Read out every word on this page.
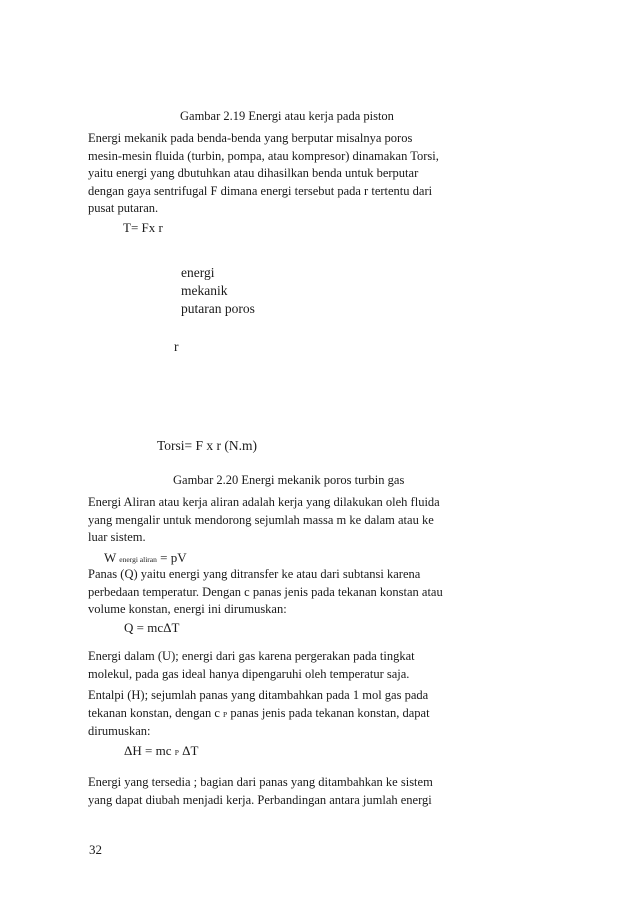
Gambar 2.19 Energi atau kerja pada piston
Energi mekanik pada benda-benda yang berputar misalnya poros
mesin-mesin fluida (turbin, pompa, atau kompresor) dinamakan Torsi,
yaitu energi yang dbutuhkan atau dihasilkan benda untuk berputar
dengan gaya sentrifugal F dimana energi tersebut pada r tertentu dari
pusat putaran.
T= Fx r
energi
mekanik
putaran poros
r
Torsi= F x r (N.m)
Gambar 2.20 Energi mekanik poros turbin gas
Energi Aliran atau kerja aliran adalah kerja yang dilakukan oleh fluida
yang mengalir untuk mendorong sejumlah massa m ke dalam atau ke
luar sistem.
W energi aliran = pV
Panas (Q) yaitu energi yang ditransfer ke atau dari subtansi karena
perbedaan temperatur. Dengan c panas jenis pada tekanan konstan atau
volume konstan, energi ini dirumuskan:
Q = mcΔT
Energi dalam (U); energi dari gas karena pergerakan pada tingkat
molekul, pada gas ideal hanya dipengaruhi oleh temperatur saja.
Entalpi (H); sejumlah panas yang ditambahkan pada 1 mol gas pada
tekanan konstan, dengan c P panas jenis pada tekanan konstan, dapat
dirumuskan:
ΔH = mc P ΔT
Energi yang tersedia ; bagian dari panas yang ditambahkan ke sistem
yang dapat diubah menjadi kerja. Perbandingan antara jumlah energi
32
